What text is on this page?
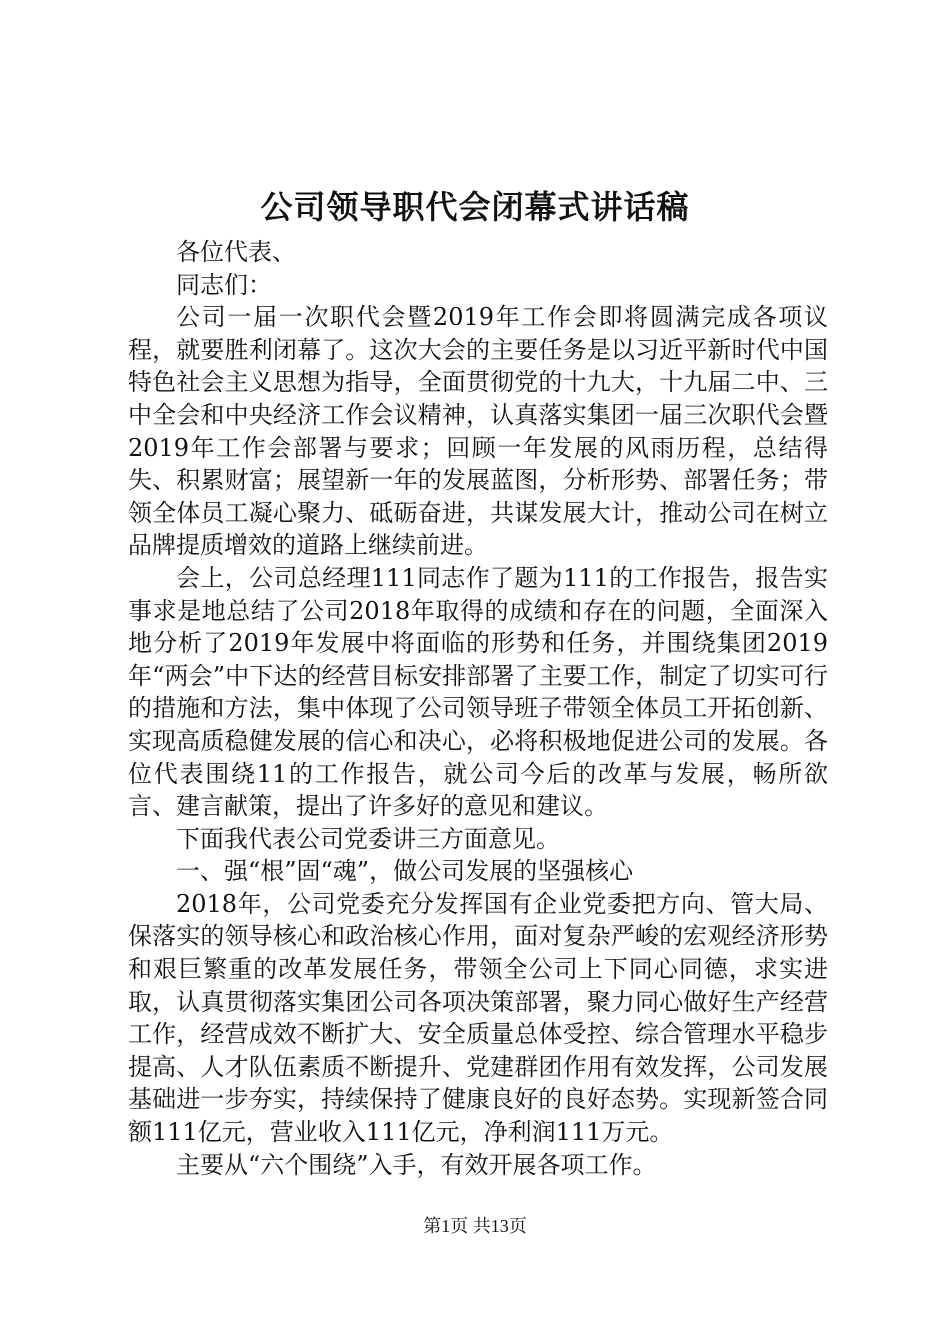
公司领导职代会闭幕式讲话稿

各位代表、

同志们：

公司一届一次职代会暨2019年工作会即将圆满完成各项议程，就要胜利闭幕了。这次大会的主要任务是以习近平新时代中国特色社会主义思想为指导，全面贯彻党的十九大，十九届二中、三中全会和中央经济工作会议精神，认真落实集团一届三次职代会暨2019年工作会部署与要求；回顾一年发展的风雨历程，总结得失、积累财富；展望新一年的发展蓝图，分析形势、部署任务；带领全体员工凝心聚力、砥砺奋进，共谋发展大计，推动公司在树立品牌提质增效的道路上继续前进。

会上，公司总经理111同志作了题为111的工作报告，报告实事求是地总结了公司2018年取得的成绩和存在的问题，全面深入地分析了2019年发展中将面临的形势和任务，并围绕集团2019年“两会”中下达的经营目标安排部署了主要工作，制定了切实可行的措施和方法，集中体现了公司领导班子带领全体员工开拓创新、实现高质稳健发展的信心和决心，必将积极地促进公司的发展。各位代表围绕11的工作报告，就公司今后的改革与发展，畅所欲言、建言献策，提出了许多好的意见和建议。

下面我代表公司党委讲三方面意见。

一、强“根”固“魂”，做公司发展的坚强核心

2018年，公司党委充分发挥国有企业党委把方向、管大局、保落实的领导核心和政治核心作用，面对复杂严峻的宏观经济形势和艰巨繁重的改革发展任务，带领全公司上下同心同德，求实进取，认真贯彻落实集团公司各项决策部署，聚力同心做好生产经营工作，经营成效不断扩大、安全质量总体受控、综合管理水平稳步提高、人才队伍素质不断提升、党建群团作用有效发挥，公司发展基础进一步夯实，持续保持了健康良好的良好态势。实现新签合同额111亿元，营业收入111亿元，净利润111万元。

主要从“六个围绕”入手，有效开展各项工作。

第1页 共13页
